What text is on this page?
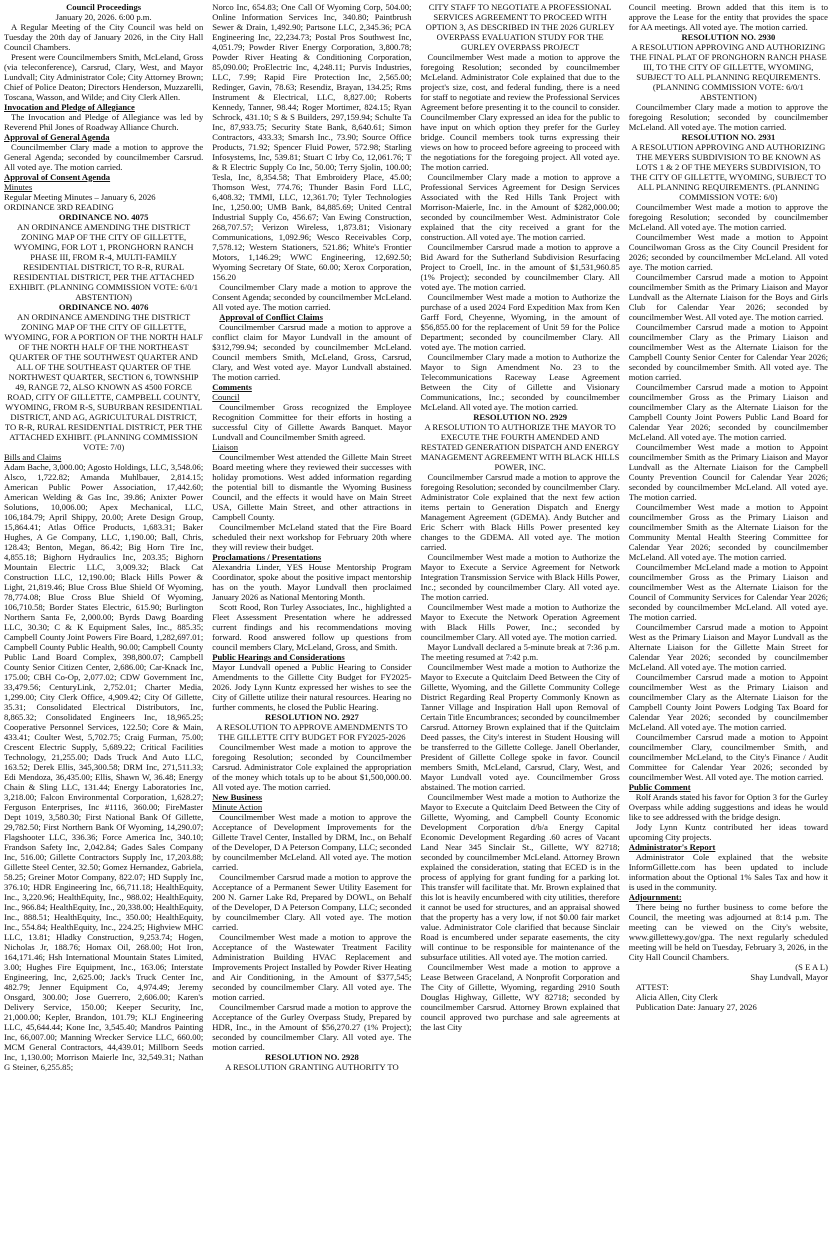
Council Proceedings

January 20, 2026. 6:00 p.m.

A Regular Meeting of the City Council was held on Tuesday the 20th day of January 2026, in the City Hall Council Chambers.

Present were Councilmembers Smith, McLeland, Gross (via teleconference), Carsrud, Clary, West, and Mayor Lundvall; City Administrator Cole; City Attorney Brown; Chief of Police Deaton; Directors Henderson, Muzzarelli, Toscana, Wasson, and Wilde; and City Clerk Allen.

Invocation and Pledge of Allegiance

The Invocation and Pledge of Allegiance was led by Reverend Phil Jones of Roadway Alliance Church.

Approval of General Agenda

Councilmember Clary made a motion to approve the General Agenda; seconded by councilmember Carsrud. All voted aye. The motion carried.

Approval of Consent Agenda

Minutes

Regular Meeting Minutes – January 6, 2026

ORDINANCE 3RD READING

ORDINANCE NO. 4075

AN ORDINANCE AMENDING THE DISTRICT ZONING MAP OF THE CITY OF GILLETTE, WYOMING, FOR LOT 1, PRONGHORN RANCH PHASE III, FROM R-4, MULTI-FAMILY RESIDENTIAL DISTRICT, TO R-R, RURAL RESIDENTIAL DISTRICT, PER THE ATTACHED EXHIBIT. (PLANNING COMMISSION VOTE: 6/0/1 ABSTENTION)

ORDINANCE NO. 4076

AN ORDINANCE AMENDING THE DISTRICT ZONING MAP OF THE CITY OF GILLETTE, WYOMING, FOR A PORTION OF THE NORTH HALF OF THE NORTH HALF OF THE NORTHEAST QUARTER OF THE SOUTHWEST QUARTER AND ALL OF THE SOUTHEAST QUARTER OF THE NORTHWEST QUARTER, SECTION 6, TOWNSHIP 49, RANGE 72, ALSO KNOWN AS 4500 FORCE ROAD, CITY OF GILLETTE, CAMPBELL COUNTY, WYOMING, FROM R-S, SUBURBAN RESIDENTIAL DISTRICT, AND AG, AGRICULTURAL DISTRICT, TO R-R, RURAL RESIDENTIAL DISTRICT, PER THE ATTACHED EXHIBIT. (PLANNING COMMISSION VOTE: 7/0)

Bills and Claims

Adam Bache, 3,000.00; Agosto Holdings, LLC, 3,548.06; Alsco, 1,722.82; Amanda Muhlbauer, 2,814.15; American Public Power Association, 17,442.60; American Welding & Gas Inc, 39.86; Anixter Power Solutions, 10,006.00; Apex Mechanical, LLC, 106,184.79; April Shippy, 20.00; Arete Design Group, 15,864.41; Atlas Office Products, 1,683.31; Baker Hughes, A Ge Company, LLC, 1,190.00; Ball, Chris, 128.43; Benton, Megan, 86.42; Big Horn Tire Inc, 4,855.18; Bighorn Hydraulics Inc, 203.35; Bighorn Mountain Electric LLC, 3,009.32; Black Cat Construction LLC, 12,190.00; Black Hills Power & Light, 21,819.46; Blue Cross Blue Shield Of Wyoming, 78,774.08; Blue Cross Blue Shield Of Wyoming, 106,710.58; Border States Electric, 615.90; Burlington Northern Santa Fe, 2,000.00; Byrds Dawg Boarding LLC, 30.30; C & K Equipment Sales, Inc., 885.35; Campbell County Joint Powers Fire Board, 1,282,697.01; Campbell County Public Health, 90.00; Campbell County Public Land Board Complex, 398,800.07; Campbell County Senior Citizen Center, 2,686.00; Car-Knack Inc, 175.00; CBH Co-Op, 2,077.02; CDW Government Inc, 33,479.56; CenturyLink, 2,752.01; Charter Media, 1,299.00; City Clerk Office, 4,909.42; City Of Gillette, 35.31; Consolidated Electrical Distributors, Inc, 8,865.32; Consolidated Engineers Inc, 18,965.25; Cooperative Personnel Services, 122.50; Core & Main, 433.41; Coulter West, 5,702.75; Craig Furman, 75.00; Crescent Electric Supply, 5,689.22; Critical Facilities Technology, 21,255.00; Dads Truck And Auto LLC, 163.52; Derek Ellis, 345,300.58; DRM Inc, 271,511.33; Edi Mendoza, 36,435.00; Ellis, Shawn W, 36.48; Energy Chain & Sling LLC, 131.44; Energy Laboratories Inc, 3,218.00; Falcon Environmental Corporation, 1,628.27; Ferguson Enterprises, Inc #1116, 360.00; FireMaster Dept 1019, 3,580.30; First National Bank Of Gillette, 29,782.50; First Northern Bank Of Wyoming, 14,290.07; Flagshooter LLC, 336.36; Force America Inc, 340.10; Frandson Safety Inc, 2,042.84; Gades Sales Company Inc, 516.00; Gillette Contractors Supply Inc, 17,203.88; Gillette Steel Center, 32.50; Gomez Hernandez, Gabriela, 58.25; Greiner Motor Company, 822.07; HD Supply Inc, 376.10; HDR Engineering Inc, 66,711.18; HealthEquity, Inc., 3,220.96; HealthEquity, Inc., 988.02; HealthEquity, Inc., 966.84; HealthEquity, Inc., 20,338.00; HealthEquity, Inc., 888.51; HealthEquity, Inc., 350.00; HealthEquity, Inc., 554.84; HealthEquity, Inc., 224.25; Highview MHC LLC, 13.81; Hladky Construction, 9,253.74; Hogen, Nicholas Jr, 188.76; Homax Oil, 268.00; Hot Iron, 164,171.46; Hsh International Mountain States Limited, 3.00; Hughes Fire Equipment, Inc., 163.06; Interstate Engineering, Inc, 2,625.00; Jack's Truck Center Inc, 482.79; Jenner Equipment Co, 4,974.49; Jeremy Onsgard, 300.00; Jose Guerrero, 2,606.00; Karen's Delivery Service, 150.00; Keeper Security, Inc, 21,000.00; Kepler, Brandon, 101.79; KLJ Engineering LLC, 45,644.44; Kone Inc, 3,545.40; Mandros Painting Inc, 66,007.00; Manning Wrecker Service LLC, 660.00; MCM General Contractors, 44,439.01; Millborn Seeds Inc, 1,130.00; Morrison Maierle Inc, 32,549.31; Nathan G Steiner, 6,255.85;

Norco Inc, 654.83; One Call Of Wyoming Corp, 504.00; Online Information Services Inc, 340.80; Paintbrush Sewer & Drain, 1,492.90; Partsone LLC, 2,345.36; PCA Engineering Inc, 22,234.73; Postal Pros Southwest Inc, 4,051.79; Powder River Energy Corporation, 3,800.78; Powder River Heating & Conditioning Corporation, 85,090.00; ProElectric Inc, 4,248.11; Purvis Industries, LLC, 7.99; Rapid Fire Protection Inc, 2,565.00; Redinger, Gavin, 78.63; Resendiz, Brayan, 134.25; Rms Instrument & Electrical, LLC, 8,827.00; Roberts Kennedy, Tanner, 98.44; Roger Mortimer, 824.15; Ryan Schrock, 431.10; S & S Builders, 297,159.94; Schulte Ta Inc, 87,933.75; Security State Bank, 8,640.61; Simon Contractors, 433.33; Smarsh Inc., 73.90; Source Office Products, 71.92; Spencer Fluid Power, 572.98; Starling Infosystems, Inc, 539.81; Stuart C Irby Co, 12,061.76; T & R Electric Supply Co Inc, 50.00; Terry Sjolin, 100.00; Tesla, Inc, 8,354.58; That Embroidery Place, 45.00; Thomson West, 774.76; Thunder Basin Ford LLC, 6,408.32; TMMI, LLC, 12,361.70; Tyler Technologies Inc, 1,250.00; UMB Bank, 84,885.69; United Central Industrial Supply Co, 456.67; Van Ewing Construction, 268,707.57; Verizon Wireless, 1,873.81; Visionary Communications, 1,092.96; Wesco Receivables Corp, 7,578.12; Western Stationers, 521.86; White's Frontier Motors, 1,146.29; WWC Engineering, 12,692.50; Wyoming Secretary Of State, 60.00; Xerox Corporation, 156.20

Councilmember Clary made a motion to approve the Consent Agenda; seconded by councilmember McLeland. All voted aye. The motion carried.

Approval of Conflict Claims

Councilmember Carsrud made a motion to approve a conflict claim for Mayor Lundvall in the amount of $312,799.94; seconded by councilmember McLeland. Council members Smith, McLeland, Gross, Carsrud, Clary, and West voted aye. Mayor Lundvall abstained. The motion carried.

Comments

Council

Councilmember Gross recognized the Employee Recognition Committee for their efforts in hosting a successful City of Gillette Awards Banquet. Mayor Lundvall and Councilmember Smith agreed.

Liaison

Councilmember West attended the Gillette Main Street Board meeting where they reviewed their successes with holiday promotions. West added information regarding the potential bill to dismantle the Wyoming Business Council, and the effects it would have on Main Street USA, Gillette Main Street, and other attractions in Campbell County.

Councilmember McLeland stated that the Fire Board scheduled their next workshop for February 20th where they will review their budget.

Proclamations / Presentations

Alexandria Linder, YES House Mentorship Program Coordinator, spoke about the positive impact mentorship has on the youth. Mayor Lundvall then proclaimed January 2026 as National Mentoring Month.

Scott Rood, Ron Turley Associates, Inc., highlighted a Fleet Assessment Presentation where he addressed current findings and his recommendations moving forward. Rood answered follow up questions from council members Clary, McLeland, Gross, and Smith.

Public Hearings and Considerations

Mayor Lundvall opened a Public Hearing to Consider Amendments to the Gillette City Budget for FY2025-2026. Jody Lynn Kuntz expressed her wishes to see the City of Gillette utilize their natural resources. Hearing no further comments, he closed the Public Hearing.

RESOLUTION NO. 2927

A RESOLUTION TO APPROVE AMENDMENTS TO THE GILLETTE CITY BUDGET FOR FY2025-2026

Councilmember West made a motion to approve the foregoing Resolution; seconded by Councilmember Carsrud. Administrator Cole explained the appropriation of the money which totals up to be about $1,500,000.00. All voted aye. The motion carried.

New Business

Minute Action

Councilmember West made a motion to approve the Acceptance of Development Improvements for the Gillette Travel Center, Installed by DRM, Inc., on Behalf of the Developer, D A Peterson Company, LLC; seconded by councilmember McLeland. All voted aye. The motion carried.

Councilmember Carsrud made a motion to approve the Acceptance of a Permanent Sewer Utility Easement for 200 N. Garner Lake Rd, Prepared by DOWL, on Behalf of the Developer, D A Peterson Company, LLC; seconded by councilmember Clary. All voted aye. The motion carried.

Councilmember West made a motion to approve the Acceptance of the Wastewater Treatment Facility Administration Building HVAC Replacement and Improvements Project Installed by Powder River Heating and Air Conditioning, in the Amount of $377,545; seconded by councilmember Clary. All voted aye. The motion carried.

Councilmember Carsrud made a motion to approve the Acceptance of the Gurley Overpass Study, Prepared by HDR, Inc., in the Amount of $56,270.27 (1% Project); seconded by councilmember Clary. All voted aye. The motion carried.

RESOLUTION NO. 2928

A RESOLUTION GRANTING AUTHORITY TO

CITY STAFF TO NEGOTIATE A PROFESSIONAL SERVICES AGREEMENT TO PROCEED WITH OPTION 3, AS DESCRIBED IN THE 2026 GURLEY OVERPASS EVALUATION STUDY FOR THE GURLEY OVERPASS PROJECT

Councilmember West made a motion to approve the foregoing Resolution; seconded by councilmember McLeland. Administrator Cole explained that due to the project's size, cost, and federal funding, there is a need for staff to negotiate and review the Professional Services Agreement before presenting it to the council to consider. Councilmember Clary expressed an idea for the public to have input on which option they prefer for the Gurley bridge. Council members took turns expressing their views on how to proceed before agreeing to proceed with the negotiations for the foregoing project. All voted aye. The motion carried.

Councilmember Clary made a motion to approve a Professional Services Agreement for Design Services Associated with the Red Hills Tank Project with Morrison-Maierle, Inc. in the Amount of $282,000.00; seconded by councilmember West. Administrator Cole explained that the city received a grant for the construction. All voted aye. The motion carried.

Councilmember Carsrud made a motion to approve a Bid Award for the Sutherland Subdivision Resurfacing Project to Croell, Inc. in the amount of $1,531,960.85 (1% Project); seconded by councilmember Clary. All voted aye. The motion carried.

Councilmember West made a motion to Authorize the purchase of a used 2024 Ford Expedition Max from Ken Garff Ford, Cheyenne, Wyoming, in the amount of $56,855.00 for the replacement of Unit 59 for the Police Department; seconded by councilmember Clary. All voted aye. The motion carried.

Councilmember Clary made a motion to Authorize the Mayor to Sign Amendment No. 23 to the Telecommunications Raceway Lease Agreement Between the City of Gillette and Visionary Communications, Inc.; seconded by councilmember McLeland. All voted aye. The motion carried.

RESOLUTION NO. 2929

A RESOLUTION TO AUTHORIZE THE MAYOR TO EXECUTE THE FOURTH AMENDED AND RESTATED GENERATION DISPATCH AND ENERGY MANAGEMENT AGREEMENT WITH BLACK HILLS POWER, INC.

Councilmember Carsrud made a motion to approve the foregoing Resolution; seconded by councilmember Clary. Administrator Cole explained that the next few action items pertain to Generation Dispatch and Energy Management Agreement (GDEMA). Andy Butcher and Eric Scherr with Black Hills Power presented key changes to the GDEMA. All voted aye. The motion carried.

Councilmember West made a motion to Authorize the Mayor to Execute a Service Agreement for Network Integration Transmission Service with Black Hills Power, Inc.; seconded by councilmember Clary. All voted aye. The motion carried.

Councilmember West made a motion to Authorize the Mayor to Execute the Network Operation Agreement with Black Hills Power, Inc.; seconded by councilmember Clary. All voted aye. The motion carried.

Mayor Lundvall declared a 5-minute break at 7:36 p.m. The meeting resumed at 7:42 p.m.

Councilmember West made a motion to Authorize the Mayor to Execute a Quitclaim Deed Between the City of Gillette, Wyoming, and the Gillette Community College District Regarding Real Property Commonly Known as Tanner Village and Inspiration Hall upon Removal of Certain Title Encumbrances; seconded by councilmember Carsrud. Attorney Brown explained that if the Quitclaim Deed passes, the City's interest in Student Housing will be transferred to the Gillette College. Janell Oberlander, President of Gillette College spoke in favor. Council members Smith, McLeland, Carsrud, Clary, West, and Mayor Lundvall voted aye. Councilmember Gross abstained. The motion carried.

Councilmember West made a motion to Authorize the Mayor to Execute a Quitclaim Deed Between the City of Gillette, Wyoming, and Campbell County Economic Development Corporation d/b/a Energy Capital Economic Development Regarding .60 acres of Vacant Land Near 345 Sinclair St., Gillette, WY 82718; seconded by councilmember McLeland. Attorney Brown explained the consideration, stating that ECED is in the process of applying for grant funding for a parking lot. This transfer will facilitate that. Mr. Brown explained that this lot is heavily encumbered with city utilities, therefore it cannot be used for structures, and an appraisal showed that the property has a very low, if not $0.00 fair market value. Administrator Cole clarified that because Sinclair Road is encumbered under separate easements, the city will continue to be responsible for maintenance of the subsurface utilities. All voted aye. The motion carried.

Councilmember West made a motion to approve a Lease Between Graceland, A Nonprofit Corporation and The City of Gillette, Wyoming, regarding 2910 South Douglas Highway, Gillette, WY 82718; seconded by councilmember Carsrud. Attorney Brown explained that council approved two purchase and sale agreements at the last City

Council meeting. Brown added that this item is to approve the Lease for the entity that provides the space for AA meetings. All voted aye. The motion carried.

RESOLUTION NO. 2930

A RESOLUTION APPROVING AND AUTHORIZING THE FINAL PLAT OF PRONGHORN RANCH PHASE III, TO THE CITY OF GILLETTE, WYOMING, SUBJECT TO ALL PLANNING REQUIREMENTS. (PLANNING COMMISSION VOTE: 6/0/1 ABSTENTION)

Councilmember Clary made a motion to approve the foregoing Resolution; seconded by councilmember McLeland. All voted aye. The motion carried.

RESOLUTION NO. 2931

A RESOLUTION APPROVING AND AUTHORIZING THE MEYERS SUBDIVISION TO BE KNOWN AS LOTS 1 & 2 OF THE MEYERS SUBDIVISION, TO THE CITY OF GILLETTE, WYOMING, SUBJECT TO ALL PLANNING REQUIREMENTS. (PLANNING COMMISSION VOTE: 6/0)

Councilmember West made a motion to approve the foregoing Resolution; seconded by councilmember McLeland. All voted aye. The motion carried.

Councilmember West made a motion to Appoint Councilwoman Gross as the City Council President for 2026; seconded by councilmember McLeland. All voted aye. The motion carried.

Councilmember Carsrud made a motion to Appoint councilmember Smith as the Primary Liaison and Mayor Lundvall as the Alternate Liaison for the Boys and Girls Club for Calendar Year 2026; seconded by councilmember West. All voted aye. The motion carried.

Councilmember Carsrud made a motion to Appoint councilmember Clary as the Primary Liaison and councilmember West as the Alternate Liaison for the Campbell County Senior Center for Calendar Year 2026; seconded by councilmember Smith. All voted aye. The motion carried.

Councilmember Carsrud made a motion to Appoint councilmember Gross as the Primary Liaison and councilmember Clary as the Alternate Liaison for the Campbell County Joint Powers Public Land Board for Calendar Year 2026; seconded by councilmember McLeland. All voted aye. The motion carried.

Councilmember West made a motion to Appoint councilmember Smith as the Primary Liaison and Mayor Lundvall as the Alternate Liaison for the Campbell County Prevention Council for Calendar Year 2026; seconded by councilmember McLeland. All voted aye. The motion carried.

Councilmember West made a motion to Appoint councilmember Gross as the Primary Liaison and councilmember Smith as the Alternate Liaison for the Community Mental Health Steering Committee for Calendar Year 2026; seconded by councilmember McLeland. All voted aye. The motion carried.

Councilmember McLeland made a motion to Appoint councilmember Gross as the Primary Liaison and councilmember West as the Alternate Liaison for the Council of Community Services for Calendar Year 2026; seconded by councilmember McLeland. All voted aye. The motion carried.

Councilmember Carsrud made a motion to Appoint West as the Primary Liaison and Mayor Lundvall as the Alternate Liaison for the Gillette Main Street for Calendar Year 2026; seconded by councilmember McLeland. All voted aye. The motion carried.

Councilmember Carsrud made a motion to Appoint councilmember West as the Primary Liaison and councilmember Clary as the Alternate Liaison for the Campbell County Joint Powers Lodging Tax Board for Calendar Year 2026; seconded by councilmember McLeland. All voted aye. The motion carried.

Councilmember Carsrud made a motion to Appoint councilmember Clary, councilmember Smith, and councilmember McLeland, to the City's Finance / Audit Committee for Calendar Year 2026; seconded by councilmember West. All voted aye. The motion carried.

Public Comment

Rolf Arands stated his favor for Option 3 for the Gurley Overpass while adding suggestions and ideas he would like to see addressed with the bridge design.

Jody Lynn Kuntz contributed her ideas toward upcoming City projects.

Administrator's Report

Administrator Cole explained that the website InformGillette.com has been updated to include information about the Optional 1% Sales Tax and how it is used in the community.

Adjournment:

There being no further business to come before the Council, the meeting was adjourned at 8:14 p.m. The meeting can be viewed on the City's website, www.gillettewy.gov/gpa. The next regularly scheduled meeting will be held on Tuesday, February 3, 2026, in the City Hall Council Chambers.

(S E A L)

Shay Lundvall, Mayor

ATTEST:

Alicia Allen, City Clerk

Publication Date: January 27, 2026
